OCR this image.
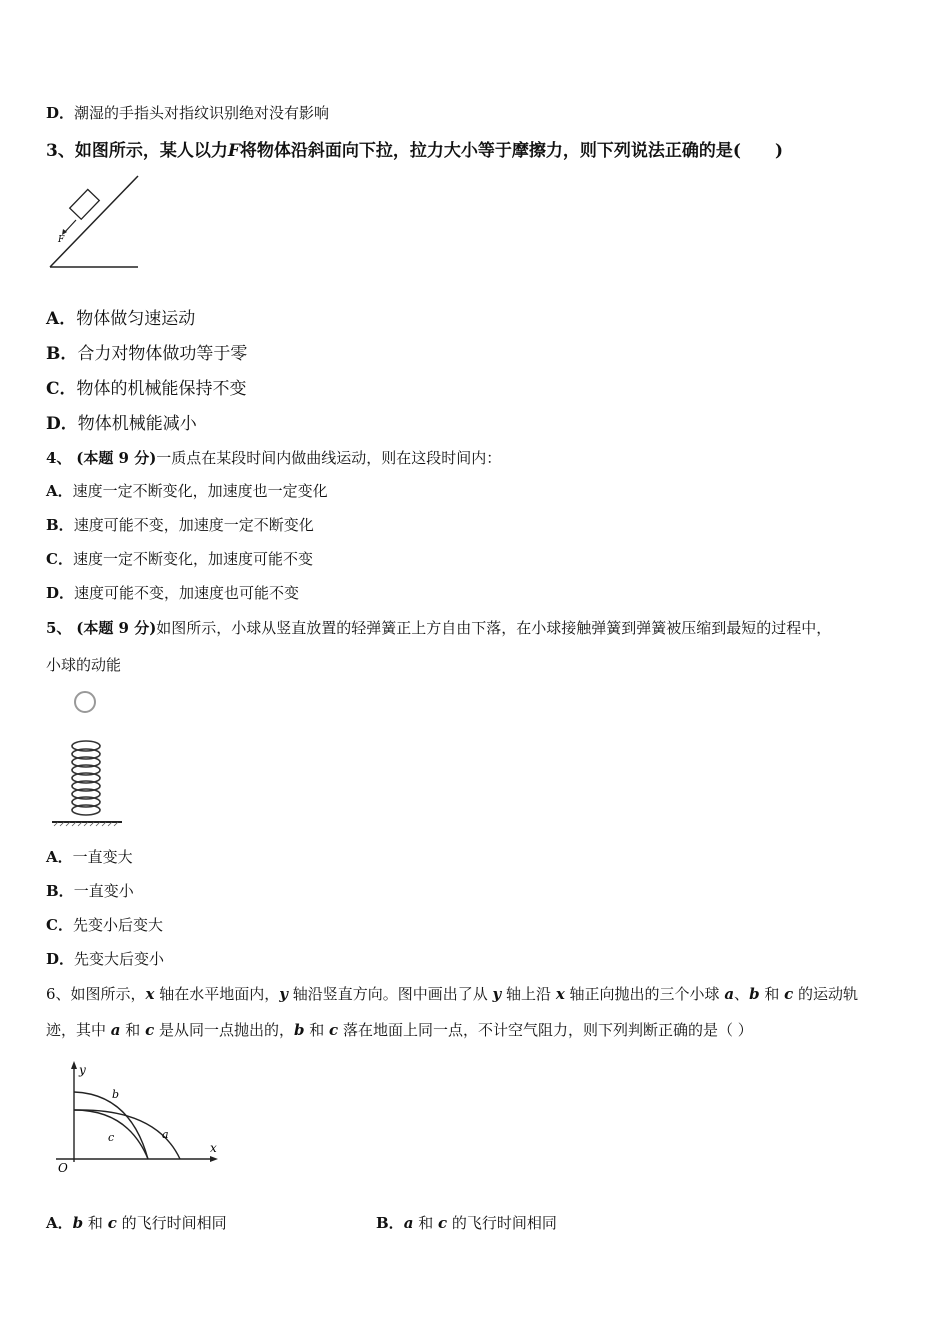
D．潮湿的手指头对指纹识别绝对没有影响
3、如图所示，某人以力F将物体沿斜面向下拉，拉力大小等于摩擦力，则下列说法正确的是(　　)
F
A．物体做匀速运动
B．合力对物体做功等于零
C．物体的机械能保持不变
D．物体机械能减小
4、 (本题 9 分)一质点在某段时间内做曲线运动，则在这段时间内：
A．速度一定不断变化，加速度也一定变化
B．速度可能不变，加速度一定不断变化
C．速度一定不断变化，加速度可能不变
D．速度可能不变，加速度也可能不变
5、 (本题 9 分)如图所示，小球从竖直放置的轻弹簧正上方自由下落，在小球接触弹簧到弹簧被压缩到最短的过程中，
小球的动能
A．一直变大
B．一直变小
C．先变小后变大
D．先变大后变小
6、如图所示，x 轴在水平地面内，y 轴沿竖直方向。图中画出了从 y 轴上沿 x 轴正向抛出的三个小球 a、b 和 c 的运动轨
迹，其中 a 和 c 是从同一点抛出的，b 和 c 落在地面上同一点，不计空气阻力，则下列判断正确的是（ ）
y
x
O
b
c	a
A．b 和 c 的飞行时间相同	B．a 和 c 的飞行时间相同
